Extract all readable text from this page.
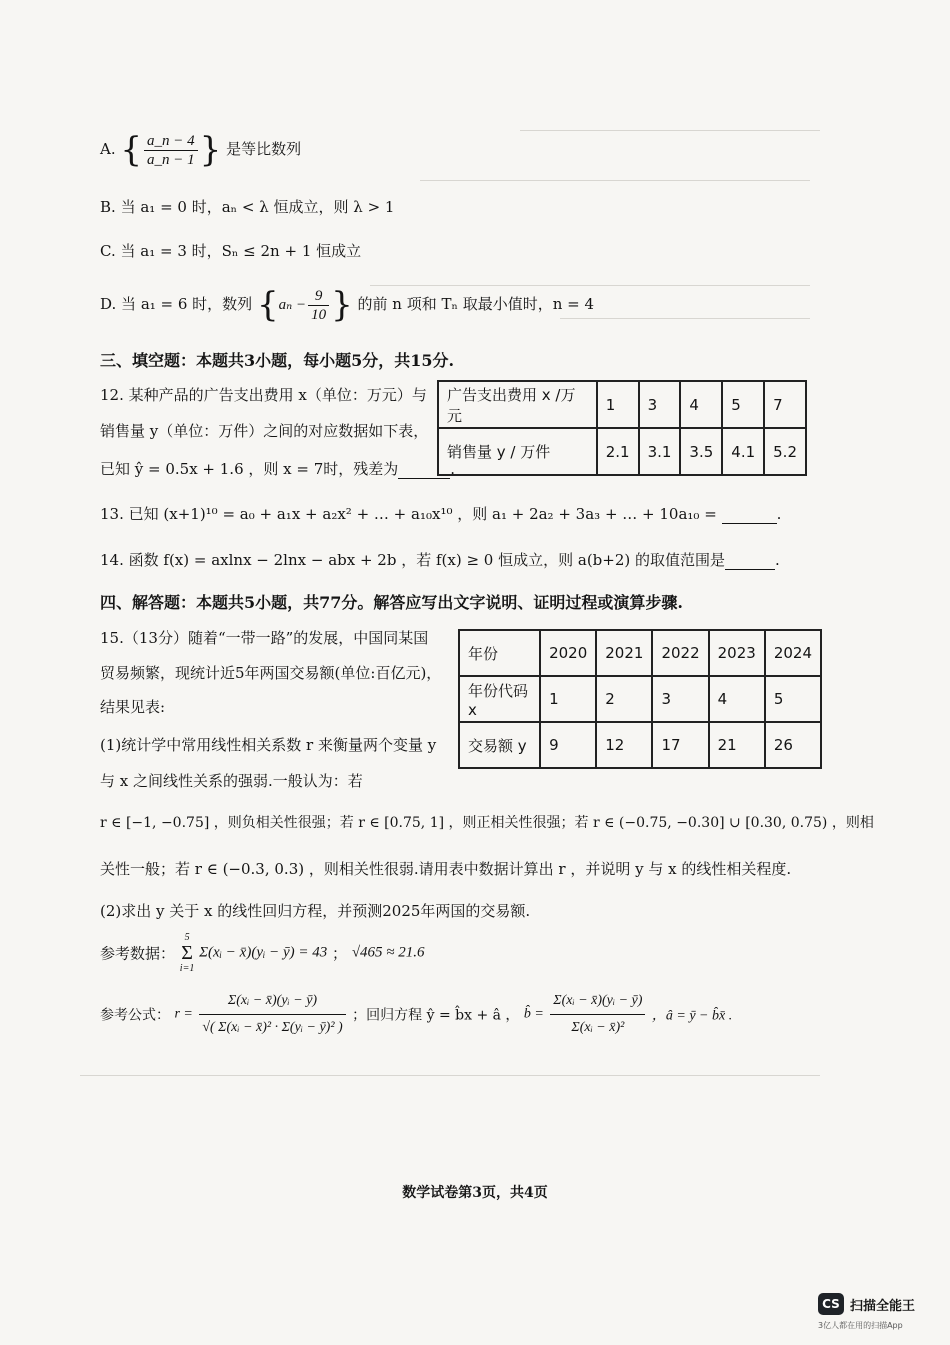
A. { $\frac{a\_n - 4}{a\_n - 1}$ } 是等比数列
B. 当 a₁ = 0 时，aₙ < λ 恒成立，则 λ > 1
C. 当 a₁ = 3 时，Sₙ ≤ 2n + 1 恒成立
D. 当 a₁ = 6 时，数列 {$a_n - \frac{9}{10}$ } 的前 n 项和 Tₙ 取最小值时，n = 4
三、填空题：本题共3小题，每小题5分，共15分.
12. 某种产品的广告支出费用 x（单位：万元）与
销售量 y（单位：万件）之间的对应数据如下表，
已知 ŷ = 0.5x + 1.6 ，则 x = 7时，残差为	.
广告支出费用 x /万元	1	3	4	5	7
销售量 y / 万件	2.1	3.1	3.5	4.1	5.2
13. 已知 (x+1)¹⁰ = a₀ + a₁x + a₂x² + … + a₁₀x¹⁰ ，则 a₁ + 2a₂ + 3a₃ + … + 10a₁₀ =	.
14. 函数 f(x) = axlnx − 2lnx − abx + 2b ，若 f(x) ≥ 0 恒成立，则 a(b+2) 的取值范围是	.
四、解答题：本题共5小题，共77分。解答应写出文字说明、证明过程或演算步骤.
15.（13分）随着“一带一路”的发展，中国同某国
贸易频繁，现统计近5年两国交易额(单位:百亿元)，
结果见表:
(1)统计学中常用线性相关系数 r 来衡量两个变量 y
与 x 之间线性关系的强弱.一般认为：若
r ∈ [−1, −0.75] ，则负相关性很强；若 r ∈ [0.75, 1] ，则正相关性很强；若 r ∈ (−0.75, −0.30] ∪ [0.30, 0.75) ，则相
关性一般；若 r ∈ (−0.3, 0.3) ，则相关性很弱.请用表中数据计算出 r ，并说明 y 与 x 的线性相关程度.
(2)求出 y 关于 x 的线性回归方程，并预测2025年两国的交易额.
年份	2020	2021	2022	2023	2024
年份代码 x	1	2	3	4	5
交易额 y	9	12	17	21	26
参考数据：
5
Σ
i=1
Σ(xᵢ − x̄)(yᵢ − ȳ) = 43 ； √465 ≈ 21.6
参考公式： $r = \frac{\text{Σ(xᵢ − x̄)(yᵢ − ȳ)}}{\text{√( Σ(xᵢ − x̄)² · Σ(yᵢ − ȳ)² )}}$ ；回归方程 ŷ = b̂x + â ， b̂ = $\frac{\text{Σ(xᵢ − x̄)(yᵢ − ȳ)}}{\text{Σ(xᵢ − x̄)²}}$ ，â = ȳ − b̂x̄ .
数学试卷第3页，共4页
CS 扫描全能王
3亿人都在用的扫描App
